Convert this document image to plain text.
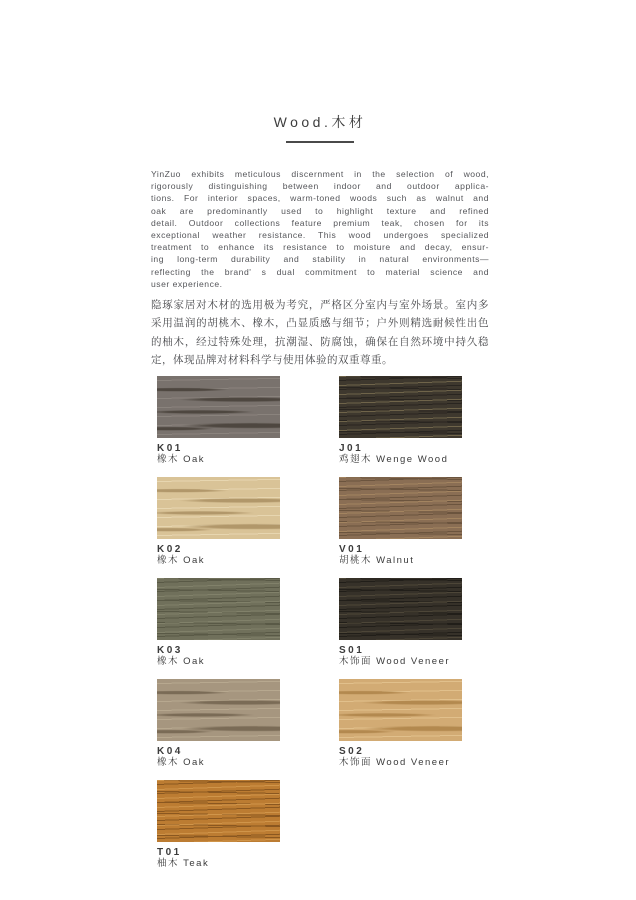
Wood.木材
YinZuo exhibits meticulous discernment in the selection of wood,
rigorously distinguishing between indoor and outdoor applica-
tions. For interior spaces, warm-toned woods such as walnut and
oak are predominantly used to highlight texture and refined
detail. Outdoor collections feature premium teak, chosen for its
exceptional weather resistance. This wood undergoes specialized
treatment to enhance its resistance to moisture and decay, ensur-
ing long-term durability and stability in natural environments—
reflecting the brand' s dual commitment to material science and
user experience.
隐琢家居对木材的选用极为考究，严格区分室内与室外场景。室内多
采用温润的胡桃木、橡木，凸显质感与细节；户外则精选耐候性出色
的柚木，经过特殊处理，抗潮湿、防腐蚀，确保在自然环境中持久稳
定，体现品牌对材料科学与使用体验的双重尊重。
K01
橡木 Oak
J01
鸡翅木 Wenge Wood
K02
橡木 Oak
V01
胡桃木 Walnut
K03
橡木 Oak
S01
木饰面 Wood Veneer
K04
橡木 Oak
S02
木饰面 Wood Veneer
T01
柚木 Teak
